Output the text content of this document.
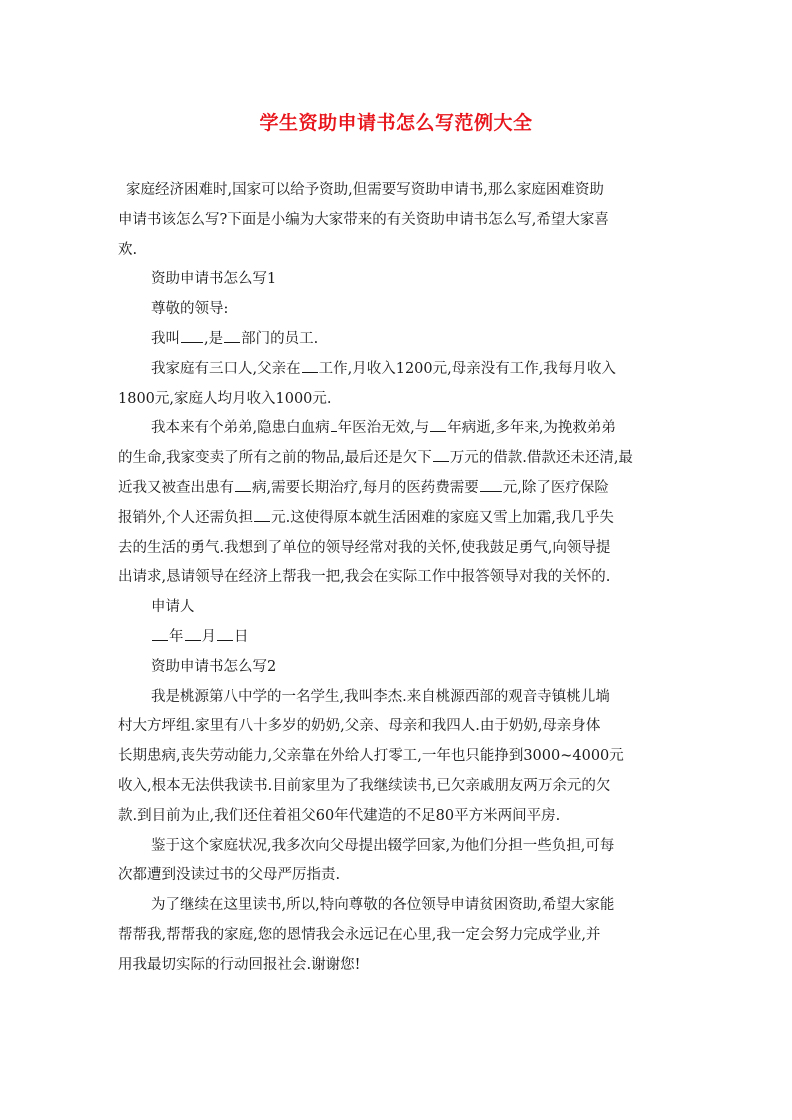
学生资助申请书怎么写范例大全

家庭经济困难时,国家可以给予资助,但需要写资助申请书,那么家庭困难资助

申请书该怎么写?下面是小编为大家带来的有关资助申请书怎么写,希望大家喜

欢.

资助申请书怎么写1

尊敬的领导:

我叫 ,是 部门的员工.

我家庭有三口人,父亲在 工作,月收入1200元,母亲没有工作,我每月收入

1800元,家庭人均月收入1000元.

我本来有个弟弟,隐患白血病 年医治无效,与 年病逝,多年来,为挽救弟弟

的生命,我家变卖了所有之前的物品,最后还是欠下 万元的借款.借款还未还清,最

近我又被查出患有 病,需要长期治疗,每月的医药费需要 元,除了医疗保险

报销外,个人还需负担 元.这使得原本就生活困难的家庭又雪上加霜,我几乎失

去的生活的勇气.我想到了单位的领导经常对我的关怀,使我鼓足勇气,向领导提

出请求,恳请领导在经济上帮我一把,我会在实际工作中报答领导对我的关怀的.

申请人

年 月 日

资助申请书怎么写2

我是桃源第八中学的一名学生,我叫李杰.来自桃源西部的观音寺镇桃儿埫

村大方坪组.家里有八十多岁的奶奶,父亲、母亲和我四人.由于奶奶,母亲身体

长期患病,丧失劳动能力,父亲靠在外给人打零工,一年也只能挣到3000~4000元

收入,根本无法供我读书.目前家里为了我继续读书,已欠亲戚朋友两万余元的欠

款.到目前为止,我们还住着祖父60年代建造的不足80平方米两间平房.

鉴于这个家庭状况,我多次向父母提出辍学回家,为他们分担一些负担,可每

次都遭到没读过书的父母严厉指责.

为了继续在这里读书,所以,特向尊敬的各位领导申请贫困资助,希望大家能

帮帮我,帮帮我的家庭,您的恩情我会永远记在心里,我一定会努力完成学业,并

用我最切实际的行动回报社会.谢谢您!
